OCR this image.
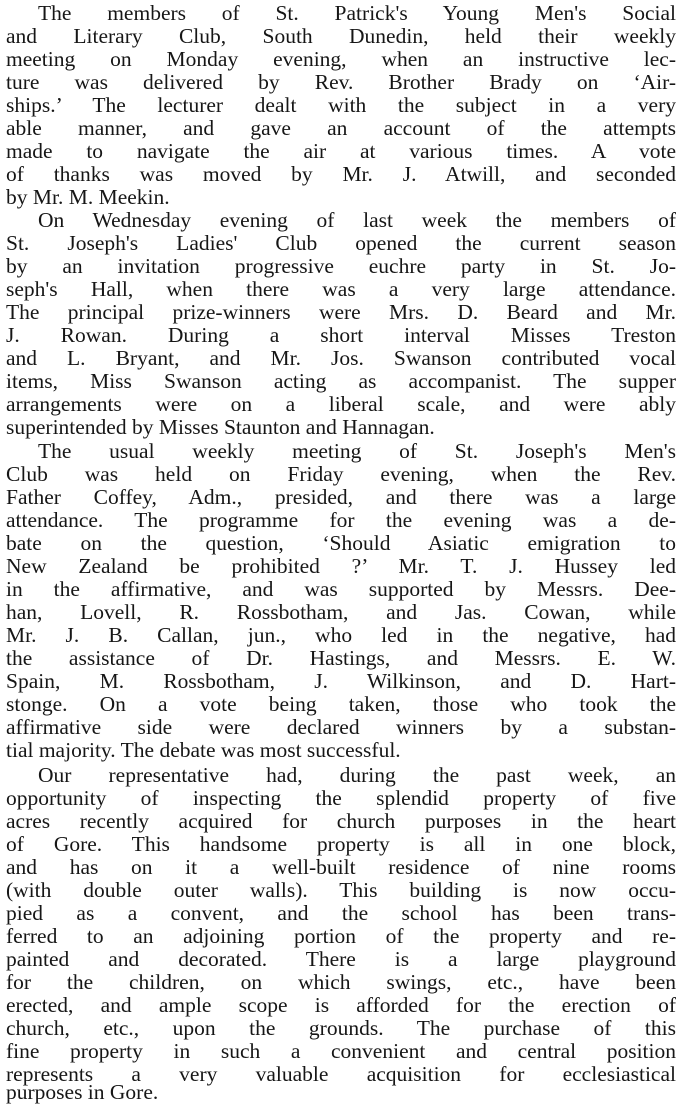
The members of St. Patrick's Young Men's Social
and Literary Club, South Dunedin, held their weekly
meeting on Monday evening, when an instructive lec-
ture was delivered by Rev. Brother Brady on ‘Air-
ships.’ The lecturer dealt with the subject in a very
able manner, and gave an account of the attempts
made to navigate the air at various times. A vote
of thanks was moved by Mr. J. Atwill, and seconded
by Mr. M. Meekin.
On Wednesday evening of last week the members of
St. Joseph's Ladies' Club opened the current season
by an invitation progressive euchre party in St. Jo-
seph's Hall, when there was a very large attendance.
The principal prize-winners were Mrs. D. Beard and Mr.
J. Rowan. During a short interval Misses Treston
and L. Bryant, and Mr. Jos. Swanson contributed vocal
items, Miss Swanson acting as accompanist. The supper
arrangements were on a liberal scale, and were ably
superintended by Misses Staunton and Hannagan.
The usual weekly meeting of St. Joseph's Men's
Club was held on Friday evening, when the Rev.
Father Coffey, Adm., presided, and there was a large
attendance. The programme for the evening was a de-
bate on the question, ‘Should Asiatic emigration to
New Zealand be prohibited ?’ Mr. T. J. Hussey led
in the affirmative, and was supported by Messrs. Dee-
han, Lovell, R. Rossbotham, and Jas. Cowan, while
Mr. J. B. Callan, jun., who led in the negative, had
the assistance of Dr. Hastings, and Messrs. E. W.
Spain, M. Rossbotham, J. Wilkinson, and D. Hart-
stonge. On a vote being taken, those who took the
affirmative side were declared winners by a substan-
tial majority. The debate was most successful.
Our representative had, during the past week, an
opportunity of inspecting the splendid property of five
acres recently acquired for church purposes in the heart
of Gore. This handsome property is all in one block,
and has on it a well-built residence of nine rooms
(with double outer walls). This building is now occu-
pied as a convent, and the school has been trans-
ferred to an adjoining portion of the property and re-
painted and decorated. There is a large playground
for the children, on which swings, etc., have been
erected, and ample scope is afforded for the erection of
church, etc., upon the grounds. The purchase of this
fine property in such a convenient and central position
represents a very valuable acquisition for ecclesiastical
purposes in Gore.
